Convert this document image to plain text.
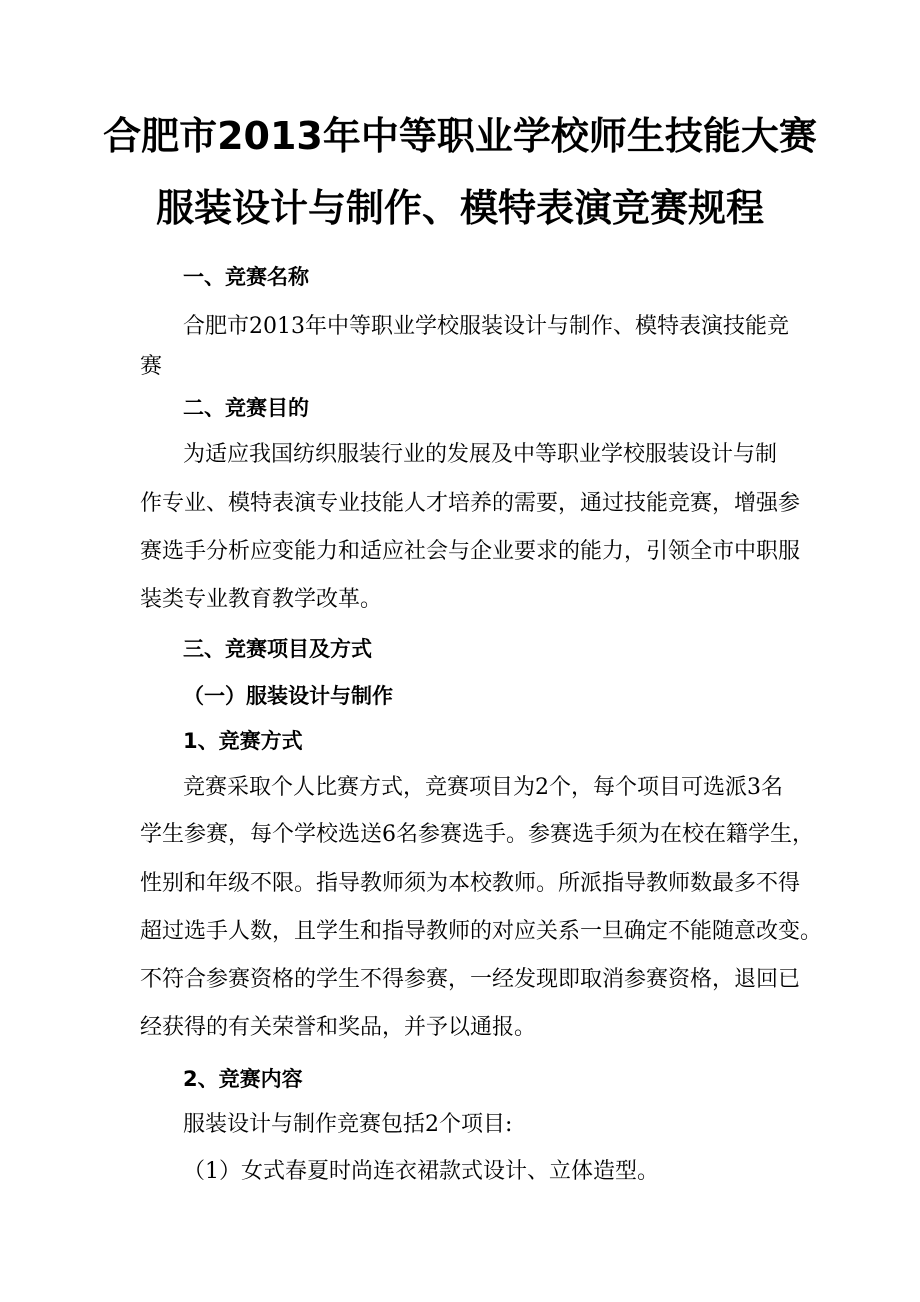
合肥市2013年中等职业学校师生技能大赛
服装设计与制作、模特表演竞赛规程
一、竞赛名称
合肥市2013年中等职业学校服装设计与制作、模特表演技能竞
赛
二、竞赛目的
为适应我国纺织服装行业的发展及中等职业学校服装设计与制
作专业、模特表演专业技能人才培养的需要，通过技能竞赛，增强参
赛选手分析应变能力和适应社会与企业要求的能力，引领全市中职服
装类专业教育教学改革。
三、竞赛项目及方式
（一）服装设计与制作
1、竞赛方式
竞赛采取个人比赛方式，竞赛项目为2个，每个项目可选派3名
学生参赛，每个学校选送6名参赛选手。参赛选手须为在校在籍学生，
性别和年级不限。指导教师须为本校教师。所派指导教师数最多不得
超过选手人数，且学生和指导教师的对应关系一旦确定不能随意改变。
不符合参赛资格的学生不得参赛，一经发现即取消参赛资格，退回已
经获得的有关荣誉和奖品，并予以通报。
2、竞赛内容
服装设计与制作竞赛包括2个项目:
（1）女式春夏时尚连衣裙款式设计、立体造型。
